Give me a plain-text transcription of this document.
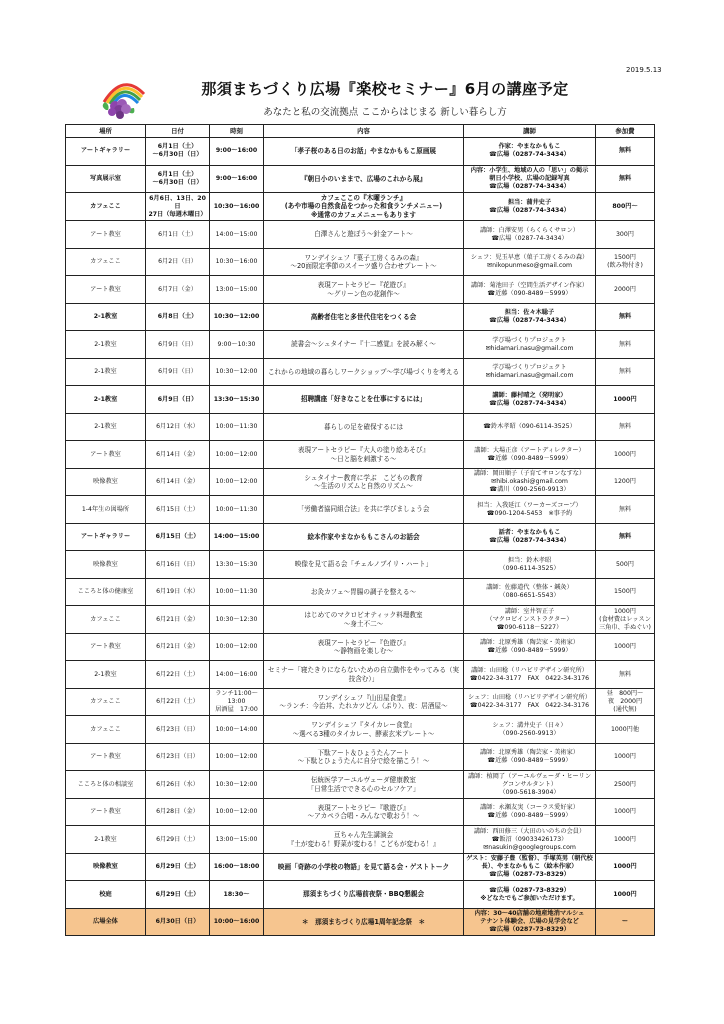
2019.5.13
那須まちづくり広場『楽校セミナー』6月の講座予定
あなたと私の交流拠点 ここからはじまる 新しい暮らし方
場所	日付	時刻	内容	講師	参加費
アートギャラリー	6月1日（土）
～6月30日（日）	9:00～16:00	「孝子桜のある日のお話」やまなかももこ原画展	作家：やまなかももこ
☎広場（0287-74-3434）	無料
写真展示室	6月1日（土）
～6月30日（日）	9:00～16:00	『朝日小のいままで、広場のこれから展』	内容：小学生、地域の人の「思い」の掲示
朝日小学校、広場の記録写真
☎広場（0287-74-3434）	無料
カフェここ	6月6日、13日、20日
27日（毎週木曜日）	10:30～16:00	カフェここの『木曜ランチ』
(あや市場の自然食品をつかった和食ランチメニュー)
※通常のカフェメニューもあります	担当：蒲井史子
☎広場（0287-74-3434）	800円～
アート教室	6月1日（土）	14:00～15:00	白澤さんと遊ぼう～針金アート～	講師：白澤安男（らくらくサロン）
☎広場（0287-74-3434）	300円
カフェここ	6月2日（日）	10:30～16:00	ワンデイシェフ『菓子工房くるみの森』
～20面限定季節のスイーツ盛り合わせプレート～	シェフ：児玉早恵（菓子工房くるみの森）
✉nikopunmeso@gmail.com	1500円
(飲み物付き)
アート教室	6月7日（金）	13:00～15:00	表現アートセラピー『花遊び』
～グリーン色の花創作～	講師：菊池田子（空間生活デザイン作家）
☎近藤（090-8489－5999）	2000円
2-1教室	6月8日（土）	10:30～12:00	高齢者住宅と多世代住宅をつくる会	担当：佐々木聡子
☎広場（0287-74-3434）	無料
2-1教室	6月9日（日）	9:00～10:30	読書会～シュタイナー『十二感覚』を読み解く～	学び場づくりプロジェクト
✉hidamari.nasu@gmail.com	無料
2-1教室	6月9日（日）	10:30～12:00	これからの地域の暮らしワークショップ～学び場づくりを考える	学び場づくりプロジェクト
✉hidamari.nasu@gmail.com	無料
2-1教室	6月9日（日）	13:30～15:30	招聘講座「好きなことを仕事にするには」	講師：藤村晴之（発明家）
☎広場（0287-74-3434）	1000円
2-1教室	6月12日（水）	10:00～11:30	暮らしの足を確保するには	☎鈴木孝昭（090-6114-3525）	無料
アート教室	6月14日（金）	10:00～12:00	表現アートセラピー『大人の塗り絵あそび』
～日と脳を刺激する～	講師：大場正彦（アートディレクター）
☎近藤（090-8489－5999）	1000円
映像教室	6月14日（金）	10:00～12:00	シュタイナー教育に学ぶ　こどもの教育
～生活のリズムと自然のリズム～	講師：岡田順子（子育てサロンなすな）
✉hibi.okashi@gmail.com
☎溝川（090-2560-9913）	1200円
1-4年生の図場所	6月15日（土）	10:00～11:30	「労働者協同組合法」を共に学びましょう会	担当：入我延江（ワーカーズコープ）
☎090-1204-5453　※事予約	無料
アートギャラリー	6月15日（土）	14:00～15:00	絵本作家やまなかももこさんのお話会	話者：やまなかももこ
☎広場（0287-74-3434）	無料
映像教室	6月16日（日）	13:30～15:30	映像を見て語る会「チェルノブイリ・ハート」	担当：鈴木孝昭
（090-6114-3525）	500円
こころと体の健康室	6月19日（水）	10:00～11:30	お灸カフェ～胃腸の調子を整える～	講師：佐藤道代（整体・鍼灸）
（080-6651-5543）	1500円
カフェここ	6月21日（金）	10:30～12:30	はじめてのマクロビオティック料理教室
～身土不二～	講師：室井智正子
（マクロビインストラクター）
☎090-6118－5227）	1000円
(食材費はレッスン
三角巾、手ぬぐい)
アート教室	6月21日（金）	10:00～12:00	表現アートセラピー『色遊び』
～静物画を楽しむ～	講師：北原秀雄（陶芸家・美術家）
☎近藤（090-8489－5999）	1000円
2-1教室	6月22日（土）	14:00～16:00	セミナー「寝たきりにならないための自立動作をやってみる（実技含む）」	講師：山田稔（リハビリデザイン研究所）
☎0422-34-3177　FAX　0422-34-3176	無料
カフェここ	6月22日（土）	ランチ11:00～
13:00
居酒屋　17:00	ワンデイシェフ『山田屋食堂』
～ランチ：今治丼、たれカツどん（ぷり）、夜：居酒屋～	シェフ：山田稔（リハビリデザイン研究所）
☎0422-34-3177　FAX　0422-34-3176	昼　800円～
夜　2000円
(通代無)
カフェここ	6月23日（日）	10:00～14:00	ワンデイシェフ『タイカレー食堂』
～選べる3種のタイカレー、酵素玄米プレート～	シェフ：溝井史子（日々）
（090-2560-9913）	1000円他
アート教室	6月23日（日）	10:00～12:00	下駄アート＆ひょうたんアート
～下駄とひょうたんに自分で絵を描こう！～	講師：北原秀雄（陶芸家・美術家）
☎近藤（090-8489－5999）	1000円
こころと体の相談室	6月26日（水）	10:30～12:00	伝統医学アーユルヴェーダ健康教室
「日常生活でできる心のセルフケア」	講師：植岡了（アーユルヴェーダ・ヒーリングコンサルタント）
（090-5618-3904）	2500円
アート教室	6月28日（金）	10:00～12:00	表現アートセラピー『歌遊び』
～アカペラ合唱・みんなで歌おう！～	講師：永瀬友実（コーラス愛好家）
☎近藤（090-8489－5999）	1000円
2-1教室	6月29日（土）	13:00～15:00	亘ちゃん先生講演会
『土が変わる！野菜が変わる！こどもが変わる！』	講師：西田修三（大田のいのちの会員）
☎飯沼（09033426173）
✉nasukin@googlegroups.com	1000円
映像教室	6月29日（土）	16:00～18:00	映画「奇跡の小学校の物語」を見て語る会・ゲストトーク	ゲスト：安藤子豊（監督）、手塚英男（朝代校長）、やまなかももこ（絵本作家）
☎広場（0287-73-8329）	1000円
校庭	6月29日（土）	18:30～	那須まちづくり広場前夜祭・BBQ懇親会	☎広場（0287-73-8329）
※どなたでもご参加いただけます。	1000円
広場全体	6月30日（日）	10:00～16:00	＊　那須まちづくり広場1周年記念祭　＊	内容：30～40店舗の地産地消マルシェ
テナント体験会、広場の見学会など
☎広場（0287-73-8329）	ー
